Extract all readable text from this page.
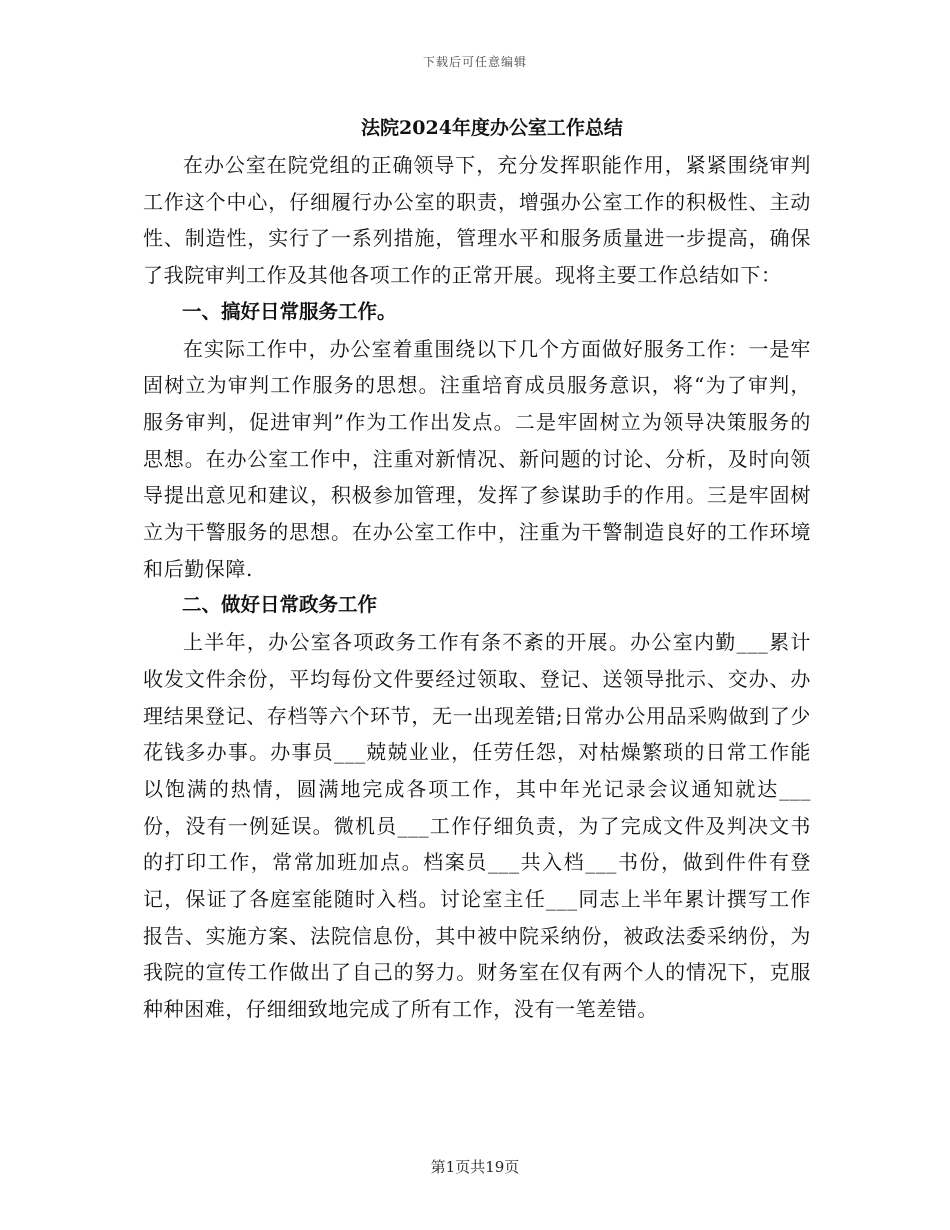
下载后可任意编辑
法院2024年度办公室工作总结

在办公室在院党组的正确领导下，充分发挥职能作用，紧紧围绕审判工作这个中心，仔细履行办公室的职责，增强办公室工作的积极性、主动性、制造性，实行了一系列措施，管理水平和服务质量进一步提高，确保了我院审判工作及其他各项工作的正常开展。现将主要工作总结如下：

一、搞好日常服务工作。

在实际工作中，办公室着重围绕以下几个方面做好服务工作：一是牢固树立为审判工作服务的思想。注重培育成员服务意识，将“为了审判，服务审判，促进审判”作为工作出发点。二是牢固树立为领导决策服务的思想。在办公室工作中，注重对新情况、新问题的讨论、分析，及时向领导提出意见和建议，积极参加管理，发挥了参谋助手的作用。三是牢固树立为干警服务的思想。在办公室工作中，注重为干警制造良好的工作环境和后勤保障.

二、做好日常政务工作

上半年，办公室各项政务工作有条不紊的开展。办公室内勤___累计收发文件余份，平均每份文件要经过领取、登记、送领导批示、交办、办理结果登记、存档等六个环节，无一出现差错;日常办公用品采购做到了少花钱多办事。办事员___兢兢业业，任劳任怨，对枯燥繁琐的日常工作能以饱满的热情，圆满地完成各项工作，其中年光记录会议通知就达___份，没有一例延误。微机员___工作仔细负责，为了完成文件及判决文书的打印工作，常常加班加点。档案员___共入档___书份，做到件件有登记，保证了各庭室能随时入档。讨论室主任___同志上半年累计撰写工作报告、实施方案、法院信息份，其中被中院采纳份，被政法委采纳份，为我院的宣传工作做出了自己的努力。财务室在仅有两个人的情况下，克服种种困难，仔细细致地完成了所有工作，没有一笔差错。

第1页共19页
